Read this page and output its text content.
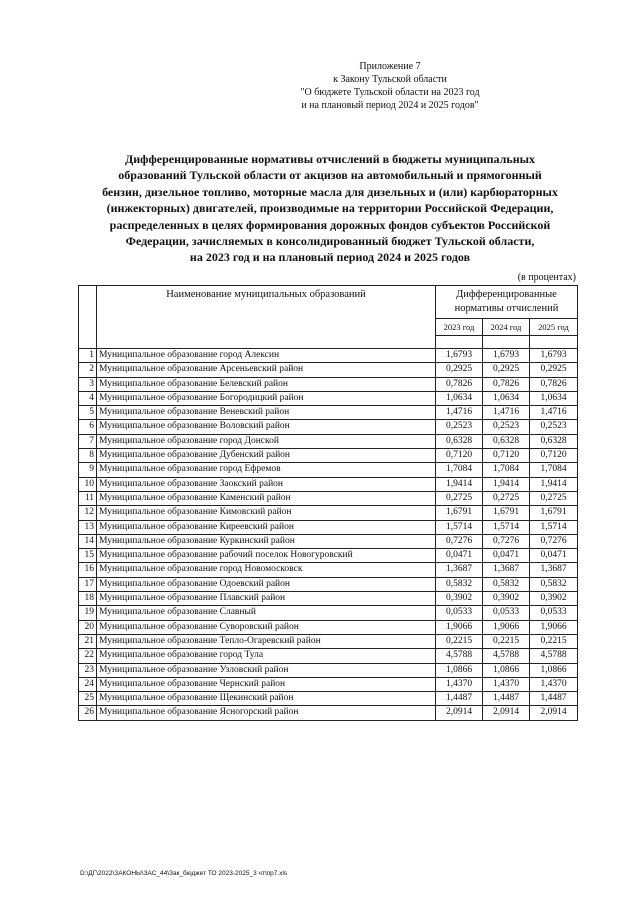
Приложение 7
к Закону Тульской области
"О бюджете Тульской области на 2023 год
и на плановый период 2024 и 2025 годов"
Дифференцированные нормативы отчислений в бюджеты муниципальных
образований Тульской области от акцизов на автомобильный и прямогонный
бензин, дизельное топливо, моторные масла для дизельных и (или) карбюраторных
(инжекторных) двигателей, производимые на территории Российской Федерации,
распределенных в целях формирования дорожных фондов субъектов Российской
Федерации, зачисляемых в консолидированный бюджет Тульской области,
на 2023 год и на плановый период 2024 и 2025 годов
(в процентах)
	Наименование муниципальных образований	Дифференцированные
нормативы отчислений		

		2023 год	2024 год	2025 год

1	Муниципальное образование город Алексин	1,6793	1,6793	1,6793
2	Муниципальное образование Арсеньевский район	0,2925	0,2925	0,2925
3	Муниципальное образование Белевский район	0,7826	0,7826	0,7826
4	Муниципальное образование Богородицкий район	1,0634	1,0634	1,0634
5	Муниципальное образование Веневский район	1,4716	1,4716	1,4716
6	Муниципальное образование Воловский район	0,2523	0,2523	0,2523
7	Муниципальное образование город Донской	0,6328	0,6328	0,6328
8	Муниципальное образование Дубенский район	0,7120	0,7120	0,7120
9	Муниципальное образование город Ефремов	1,7084	1,7084	1,7084
10	Муниципальное образование Заокский район	1,9414	1,9414	1,9414
11	Муниципальное образование Каменский район	0,2725	0,2725	0,2725
12	Муниципальное образование Кимовский район	1,6791	1,6791	1,6791
13	Муниципальное образование Киреевский район	1,5714	1,5714	1,5714
14	Муниципальное образование Куркинский район	0,7276	0,7276	0,7276
15	Муниципальное образование рабочий поселок Новогуровский	0,0471	0,0471	0,0471
16	Муниципальное образование город Новомосковск	1,3687	1,3687	1,3687
17	Муниципальное образование Одоевский район	0,5832	0,5832	0,5832
18	Муниципальное образование Плавский район	0,3902	0,3902	0,3902
19	Муниципальное образование Славный	0,0533	0,0533	0,0533
20	Муниципальное образование Суворовский район	1,9066	1,9066	1,9066
21	Муниципальное образование Тепло-Огаревский район	0,2215	0,2215	0,2215
22	Муниципальное образование город Тула	4,5788	4,5788	4,5788
23	Муниципальное образование Узловский район	1,0866	1,0866	1,0866
24	Муниципальное образование Чернский район	1,4370	1,4370	1,4370
25	Муниципальное образование Щекинский район	1,4487	1,4487	1,4487
26	Муниципальное образование Ясногорский район	2,0914	2,0914	2,0914
D:\ДГ\2022\ЗАКОНЫ\ЗАС_44\Зак_бюджет ТО 2023-2025_3 чт\пр7.xls
